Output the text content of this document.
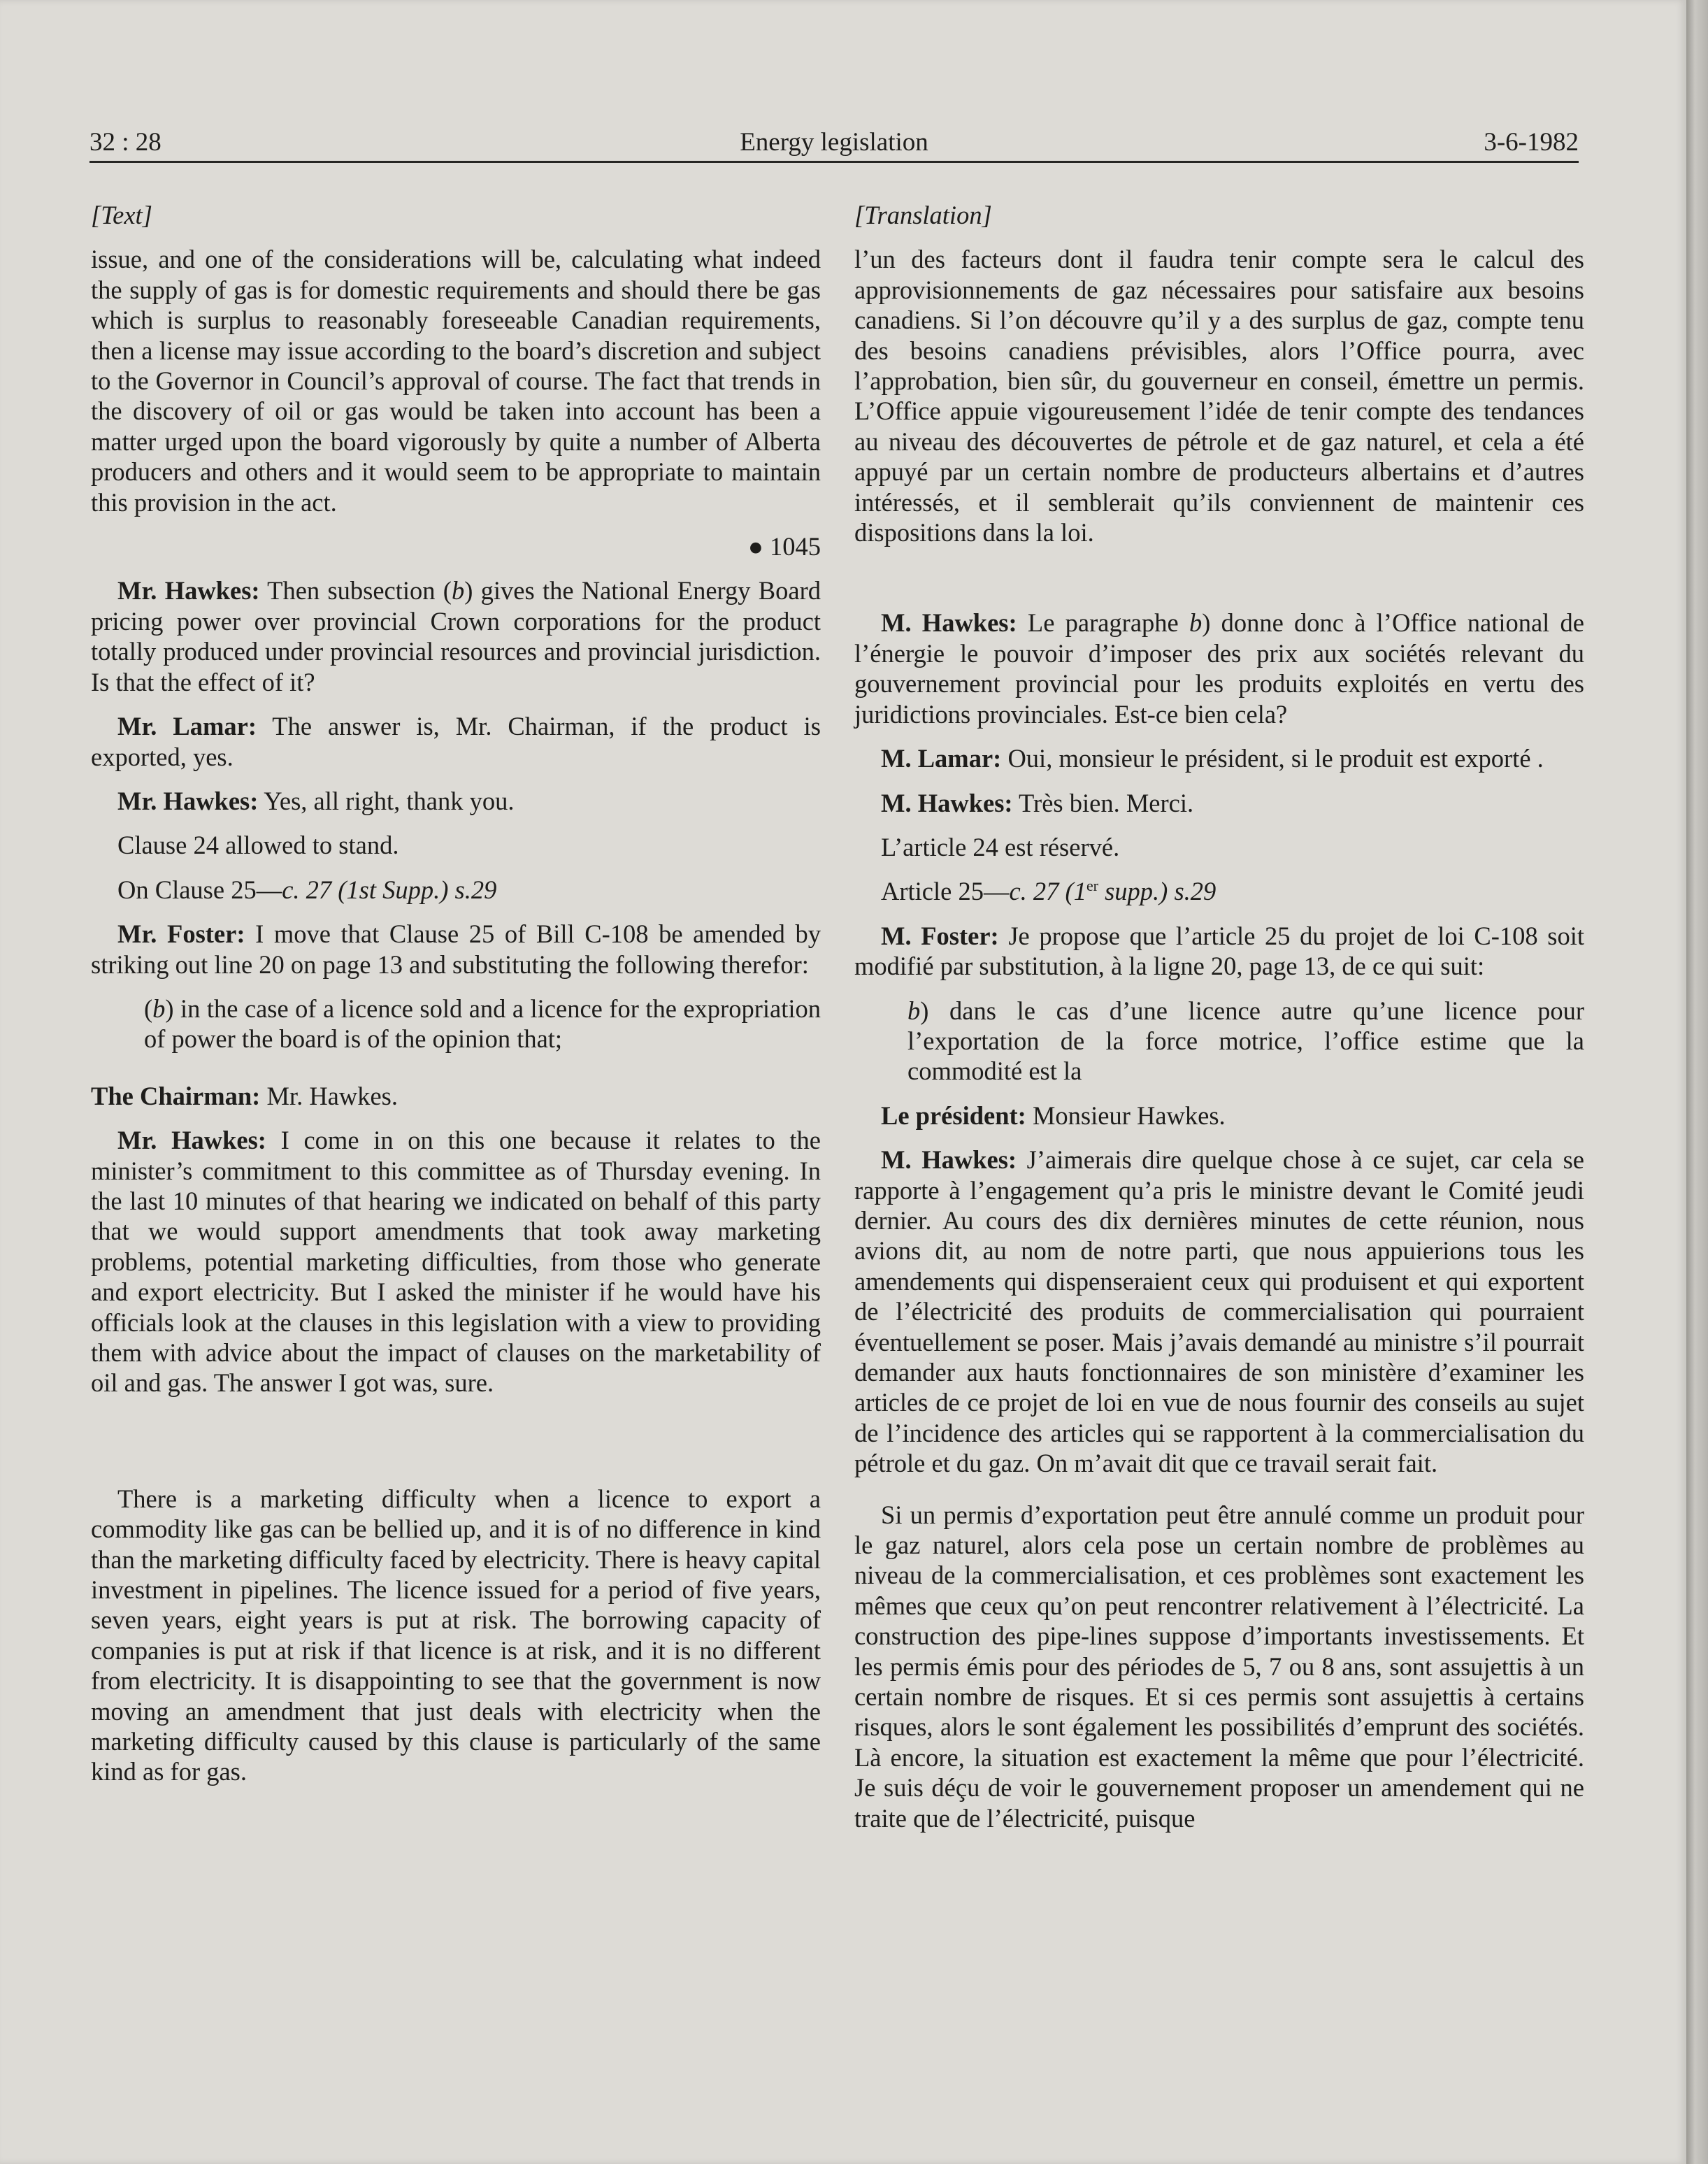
32 : 28	Energy legislation	3-6-1982

[Text]

issue, and one of the considerations will be, calculating what indeed the supply of gas is for domestic requirements and should there be gas which is surplus to reasonably foreseeable Canadian requirements, then a license may issue according to the board’s discretion and subject to the Governor in Council’s approval of course. The fact that trends in the discovery of oil or gas would be taken into account has been a matter urged upon the board vigorously by quite a number of Alberta producers and others and it would seem to be appropriate to maintain this provision in the act.

● 1045

Mr. Hawkes: Then subsection (b) gives the National Energy Board pricing power over provincial Crown corporations for the product totally produced under provincial resources and provincial jurisdiction. Is that the effect of it?

Mr. Lamar: The answer is, Mr. Chairman, if the product is exported, yes.

Mr. Hawkes: Yes, all right, thank you.

Clause 24 allowed to stand.

On Clause 25—c. 27 (1st Supp.) s.29

Mr. Foster: I move that Clause 25 of Bill C-108 be amended by striking out line 20 on page 13 and substituting the following therefor:

(b) in the case of a licence sold and a licence for the expropriation of power the board is of the opinion that;

The Chairman: Mr. Hawkes.

Mr. Hawkes: I come in on this one because it relates to the minister’s commitment to this committee as of Thursday evening. In the last 10 minutes of that hearing we indicated on behalf of this party that we would support amendments that took away marketing problems, potential marketing difficulties, from those who generate and export electricity. But I asked the minister if he would have his officials look at the clauses in this legislation with a view to providing them with advice about the impact of clauses on the marketability of oil and gas. The answer I got was, sure.

There is a marketing difficulty when a licence to export a commodity like gas can be bellied up, and it is of no difference in kind than the marketing difficulty faced by electricity. There is heavy capital investment in pipelines. The licence issued for a period of five years, seven years, eight years is put at risk. The borrowing capacity of companies is put at risk if that licence is at risk, and it is no different from electricity. It is disappointing to see that the government is now moving an amendment that just deals with electricity when the marketing difficulty caused by this clause is particularly of the same kind as for gas.

[Translation]

l’un des facteurs dont il faudra tenir compte sera le calcul des approvisionnements de gaz nécessaires pour satisfaire aux besoins canadiens. Si l’on découvre qu’il y a des surplus de gaz, compte tenu des besoins canadiens prévisibles, alors l’Office pourra, avec l’approbation, bien sûr, du gouverneur en conseil, émettre un permis. L’Office appuie vigoureusement l’idée de tenir compte des tendances au niveau des découvertes de pétrole et de gaz naturel, et cela a été appuyé par un certain nombre de producteurs albertains et d’autres intéressés, et il semblerait qu’ils conviennent de maintenir ces dispositions dans la loi.

M. Hawkes: Le paragraphe b) donne donc à l’Office national de l’énergie le pouvoir d’imposer des prix aux sociétés relevant du gouvernement provincial pour les produits exploités en vertu des juridictions provinciales. Est-ce bien cela?

M. Lamar: Oui, monsieur le président, si le produit est exporté .

M. Hawkes: Très bien. Merci.

L’article 24 est réservé.

Article 25—c. 27 (1er supp.) s.29

M. Foster: Je propose que l’article 25 du projet de loi C-108 soit modifié par substitution, à la ligne 20, page 13, de ce qui suit:

b) dans le cas d’une licence autre qu’une licence pour l’exportation de la force motrice, l’office estime que la commodité est la

Le président: Monsieur Hawkes.

M. Hawkes: J’aimerais dire quelque chose à ce sujet, car cela se rapporte à l’engagement qu’a pris le ministre devant le Comité jeudi dernier. Au cours des dix dernières minutes de cette réunion, nous avions dit, au nom de notre parti, que nous appuierions tous les amendements qui dispenseraient ceux qui produisent et qui exportent de l’électricité des produits de commercialisation qui pourraient éventuellement se poser. Mais j’avais demandé au ministre s’il pourrait demander aux hauts fonctionnaires de son ministère d’examiner les articles de ce projet de loi en vue de nous fournir des conseils au sujet de l’incidence des articles qui se rapportent à la commercialisation du pétrole et du gaz. On m’avait dit que ce travail serait fait.

Si un permis d’exportation peut être annulé comme un produit pour le gaz naturel, alors cela pose un certain nombre de problèmes au niveau de la commercialisation, et ces problèmes sont exactement les mêmes que ceux qu’on peut rencontrer relativement à l’électricité. La construction des pipe-lines suppose d’importants investissements. Et les permis émis pour des périodes de 5, 7 ou 8 ans, sont assujettis à un certain nombre de risques. Et si ces permis sont assujettis à certains risques, alors le sont également les possibilités d’emprunt des sociétés. Là encore, la situation est exactement la même que pour l’électricité. Je suis déçu de voir le gouvernement proposer un amendement qui ne traite que de l’électricité, puisque
